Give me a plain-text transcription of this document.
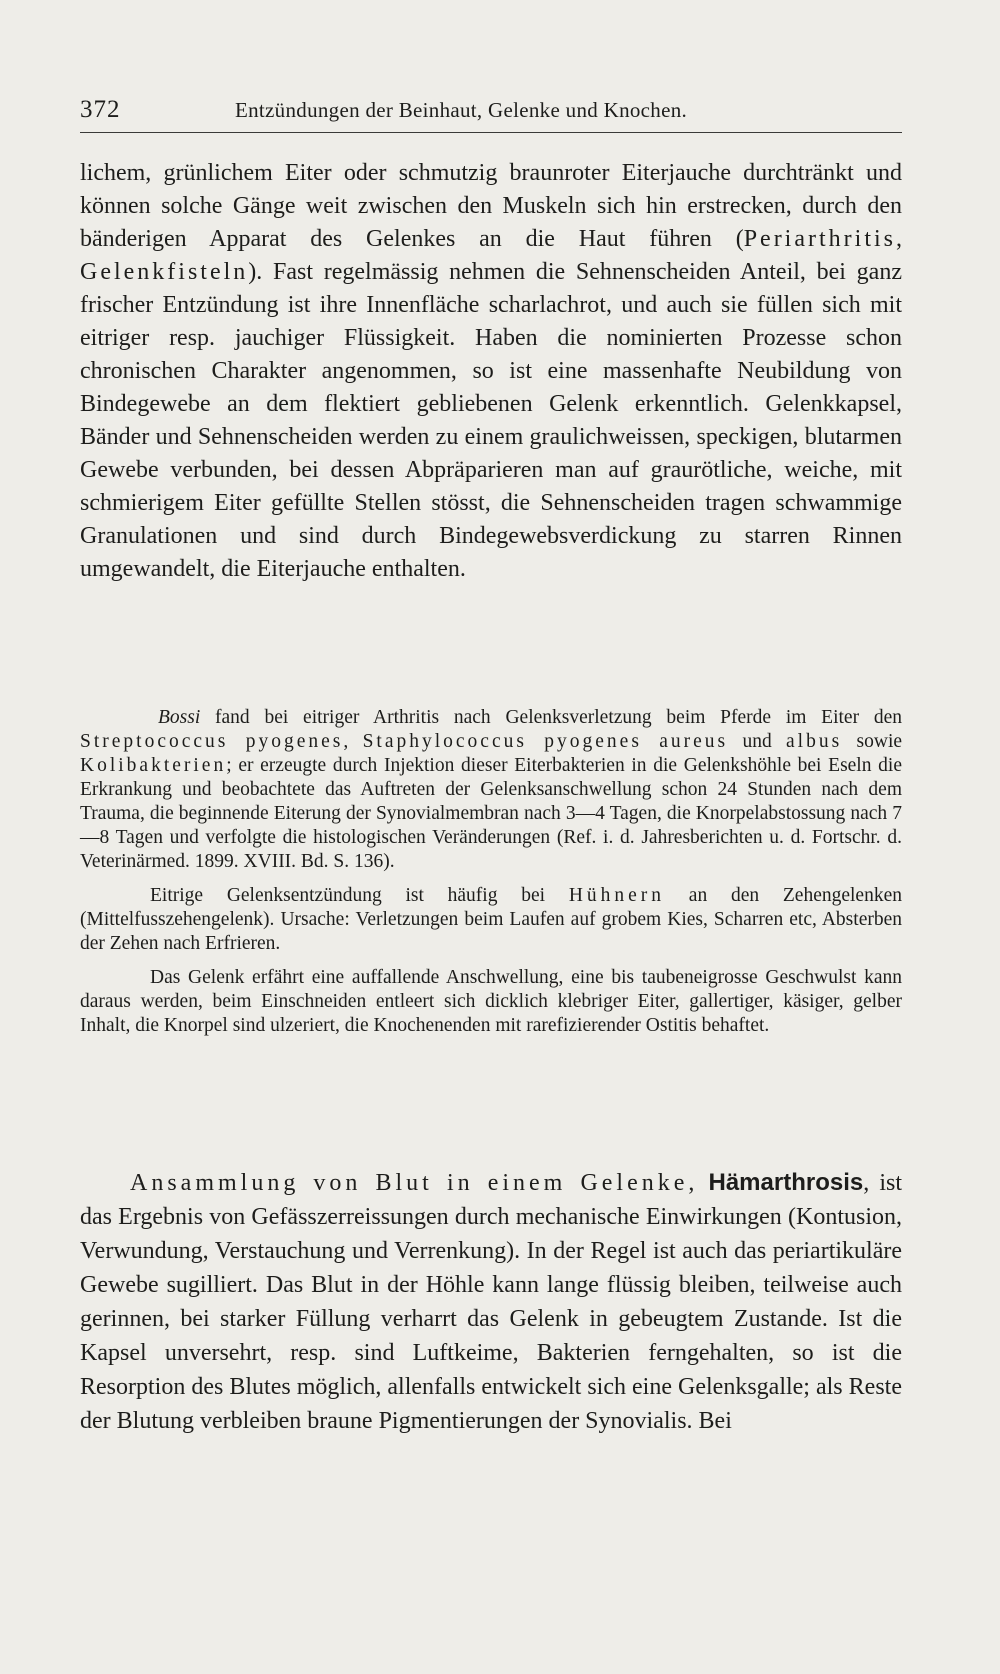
372	Entzündungen der Beinhaut, Gelenke und Knochen.

lichem, grünlichem Eiter oder schmutzig braunroter Eiterjauche durchtränkt und können solche Gänge weit zwischen den Muskeln sich hin erstrecken, durch den bänderigen Apparat des Gelenkes an die Haut führen (Periarthritis, Gelenkfisteln). Fast regelmässig nehmen die Sehnenscheiden Anteil, bei ganz frischer Entzündung ist ihre Innenfläche scharlachrot, und auch sie füllen sich mit eitriger resp. jauchiger Flüssigkeit. Haben die nominierten Prozesse schon chronischen Charakter angenommen, so ist eine massenhafte Neubildung von Bindegewebe an dem flektiert gebliebenen Gelenk erkenntlich. Gelenkkapsel, Bänder und Sehnenscheiden werden zu einem graulichweissen, speckigen, blutarmen Gewebe verbunden, bei dessen Abpräparieren man auf graurötliche, weiche, mit schmierigem Eiter gefüllte Stellen stösst, die Sehnenscheiden tragen schwammige Granulationen und sind durch Bindegewebsverdickung zu starren Rinnen umgewandelt, die Eiterjauche enthalten.

Bossi fand bei eitriger Arthritis nach Gelenksverletzung beim Pferde im Eiter den Streptococcus pyogenes, Staphylococcus pyogenes aureus und albus sowie Kolibakterien; er erzeugte durch Injektion dieser Eiterbakterien in die Gelenkshöhle bei Eseln die Erkrankung und beobachtete das Auftreten der Gelenksanschwellung schon 24 Stunden nach dem Trauma, die beginnende Eiterung der Synovialmembran nach 3—4 Tagen, die Knorpelabstossung nach 7—8 Tagen und verfolgte die histologischen Veränderungen (Ref. i. d. Jahresberichten u. d. Fortschr. d. Veterinärmed. 1899. XVIII. Bd. S. 136).

Eitrige Gelenksentzündung ist häufig bei Hühnern an den Zehengelenken (Mittelfusszehengelenk). Ursache: Verletzungen beim Laufen auf grobem Kies, Scharren etc, Absterben der Zehen nach Erfrieren.

Das Gelenk erfährt eine auffallende Anschwellung, eine bis taubeneigrosse Geschwulst kann daraus werden, beim Einschneiden entleert sich dicklich klebriger Eiter, gallertiger, käsiger, gelber Inhalt, die Knorpel sind ulzeriert, die Knochenenden mit rarefizierender Ostitis behaftet.

Ansammlung von Blut in einem Gelenke, Hämarthrosis, ist das Ergebnis von Gefässzerreissungen durch mechanische Einwirkungen (Kontusion, Verwundung, Verstauchung und Verrenkung). In der Regel ist auch das periartikuläre Gewebe sugilliert. Das Blut in der Höhle kann lange flüssig bleiben, teilweise auch gerinnen, bei starker Füllung verharrt das Gelenk in gebeugtem Zustande. Ist die Kapsel unversehrt, resp. sind Luftkeime, Bakterien ferngehalten, so ist die Resorption des Blutes möglich, allenfalls entwickelt sich eine Gelenksgalle; als Reste der Blutung verbleiben braune Pigmentierungen der Synovialis. Bei
